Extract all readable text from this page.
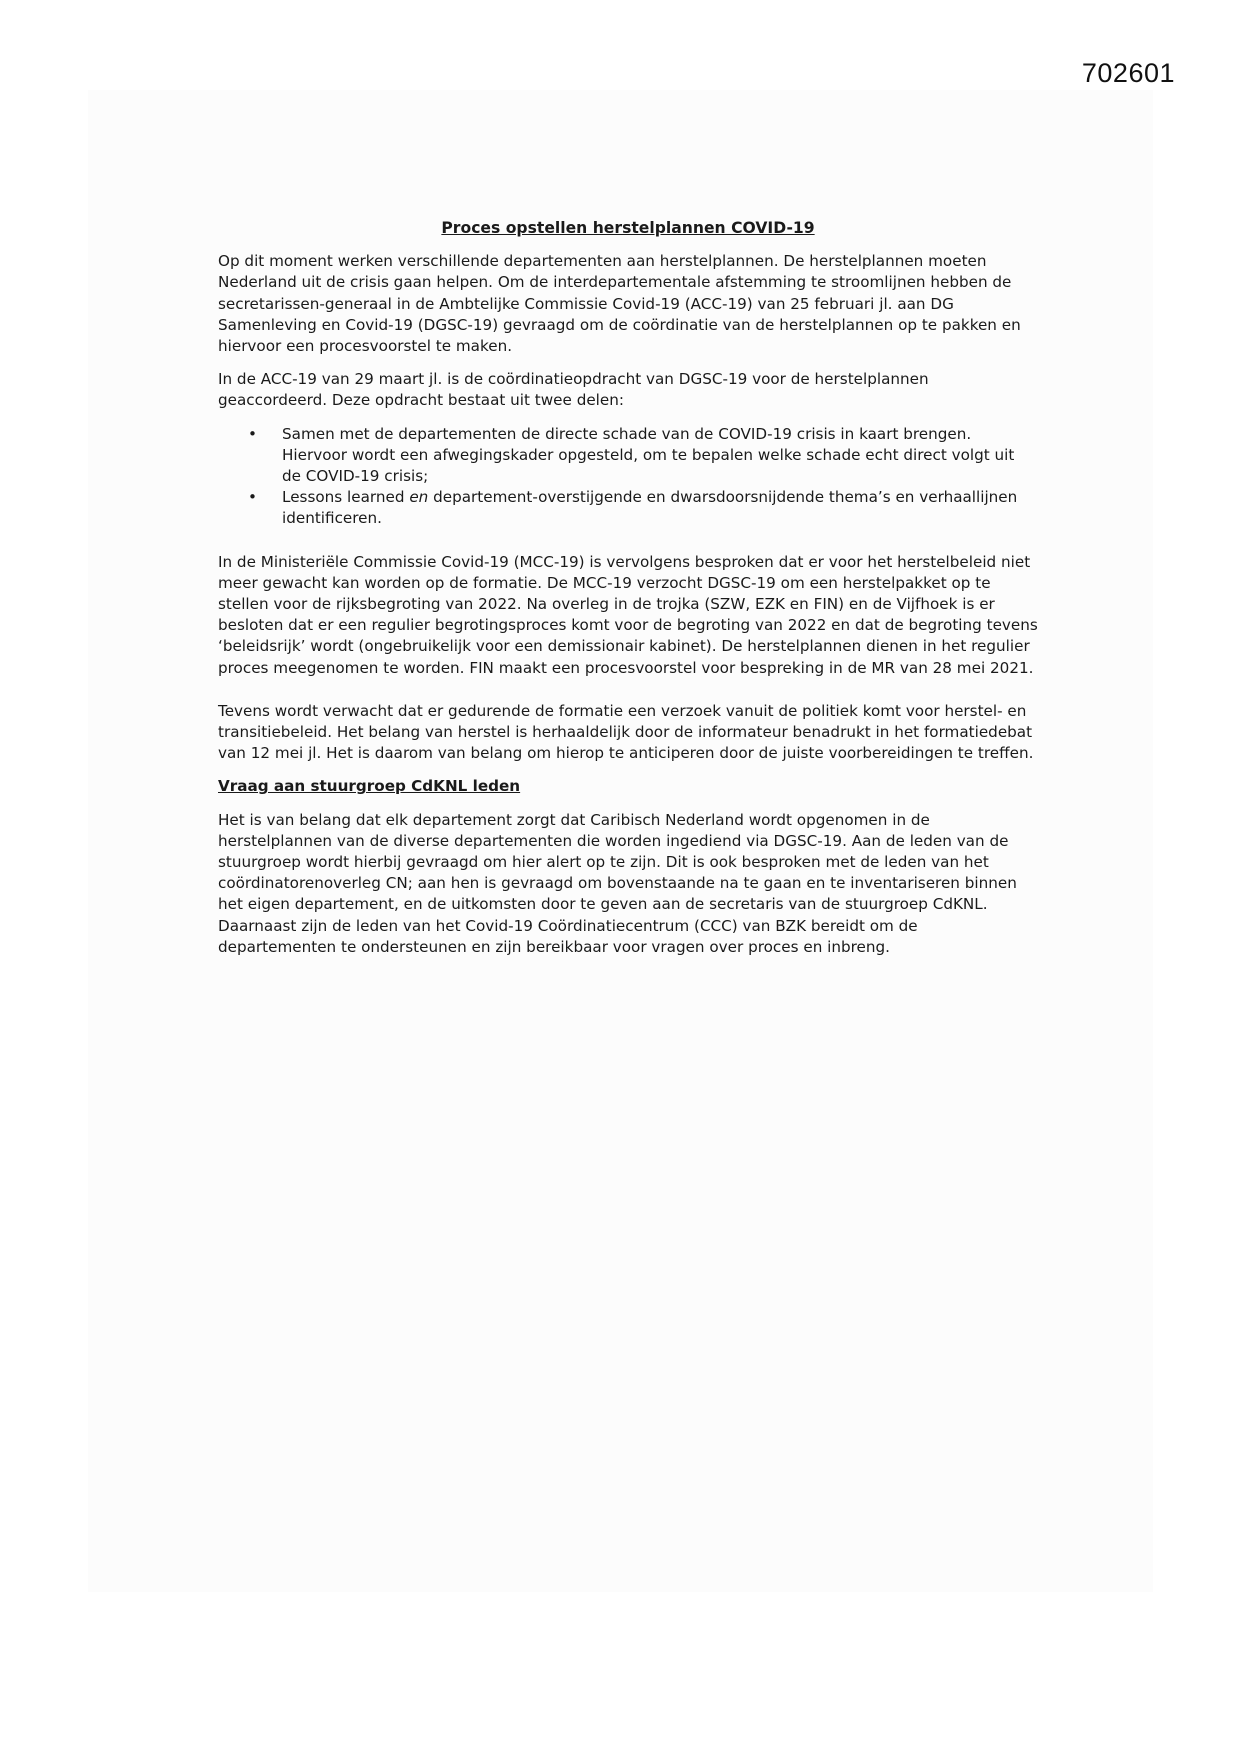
702601
Proces opstellen herstelplannen COVID-19

Op dit moment werken verschillende departementen aan herstelplannen. De herstelplannen moeten Nederland uit de crisis gaan helpen. Om de interdepartementale afstemming te stroomlijnen hebben de secretarissen-generaal in de Ambtelijke Commissie Covid-19 (ACC-19) van 25 februari jl. aan DG Samenleving en Covid-19 (DGSC-19) gevraagd om de coördinatie van de herstelplannen op te pakken en hiervoor een procesvoorstel te maken.

In de ACC-19 van 29 maart jl. is de coördinatieopdracht van DGSC-19 voor de herstelplannen geaccordeerd. Deze opdracht bestaat uit twee delen:

• Samen met de departementen de directe schade van de COVID-19 crisis in kaart brengen. Hiervoor wordt een afwegingskader opgesteld, om te bepalen welke schade echt direct volgt uit de COVID-19 crisis;
• Lessons learned en departement-overstijgende en dwarsdoorsnijdende thema’s en verhaallijnen identificeren.

In de Ministeriële Commissie Covid-19 (MCC-19) is vervolgens besproken dat er voor het herstelbeleid niet meer gewacht kan worden op de formatie. De MCC-19 verzocht DGSC-19 om een herstelpakket op te stellen voor de rijksbegroting van 2022. Na overleg in de trojka (SZW, EZK en FIN) en de Vijfhoek is er besloten dat er een regulier begrotingsproces komt voor de begroting van 2022 en dat de begroting tevens ‘beleidsrijk’ wordt (ongebruikelijk voor een demissionair kabinet). De herstelplannen dienen in het regulier proces meegenomen te worden. FIN maakt een procesvoorstel voor bespreking in de MR van 28 mei 2021.

Tevens wordt verwacht dat er gedurende de formatie een verzoek vanuit de politiek komt voor herstel- en transitiebeleid. Het belang van herstel is herhaaldelijk door de informateur benadrukt in het formatiedebat van 12 mei jl. Het is daarom van belang om hierop te anticiperen door de juiste voorbereidingen te treffen.

Vraag aan stuurgroep CdKNL leden

Het is van belang dat elk departement zorgt dat Caribisch Nederland wordt opgenomen in de herstelplannen van de diverse departementen die worden ingediend via DGSC-19. Aan de leden van de stuurgroep wordt hierbij gevraagd om hier alert op te zijn. Dit is ook besproken met de leden van het coördinatorenoverleg CN; aan hen is gevraagd om bovenstaande na te gaan en te inventariseren binnen het eigen departement, en de uitkomsten door te geven aan de secretaris van de stuurgroep CdKNL. Daarnaast zijn de leden van het Covid-19 Coördinatiecentrum (CCC) van BZK bereidt om de departementen te ondersteunen en zijn bereikbaar voor vragen over proces en inbreng.
